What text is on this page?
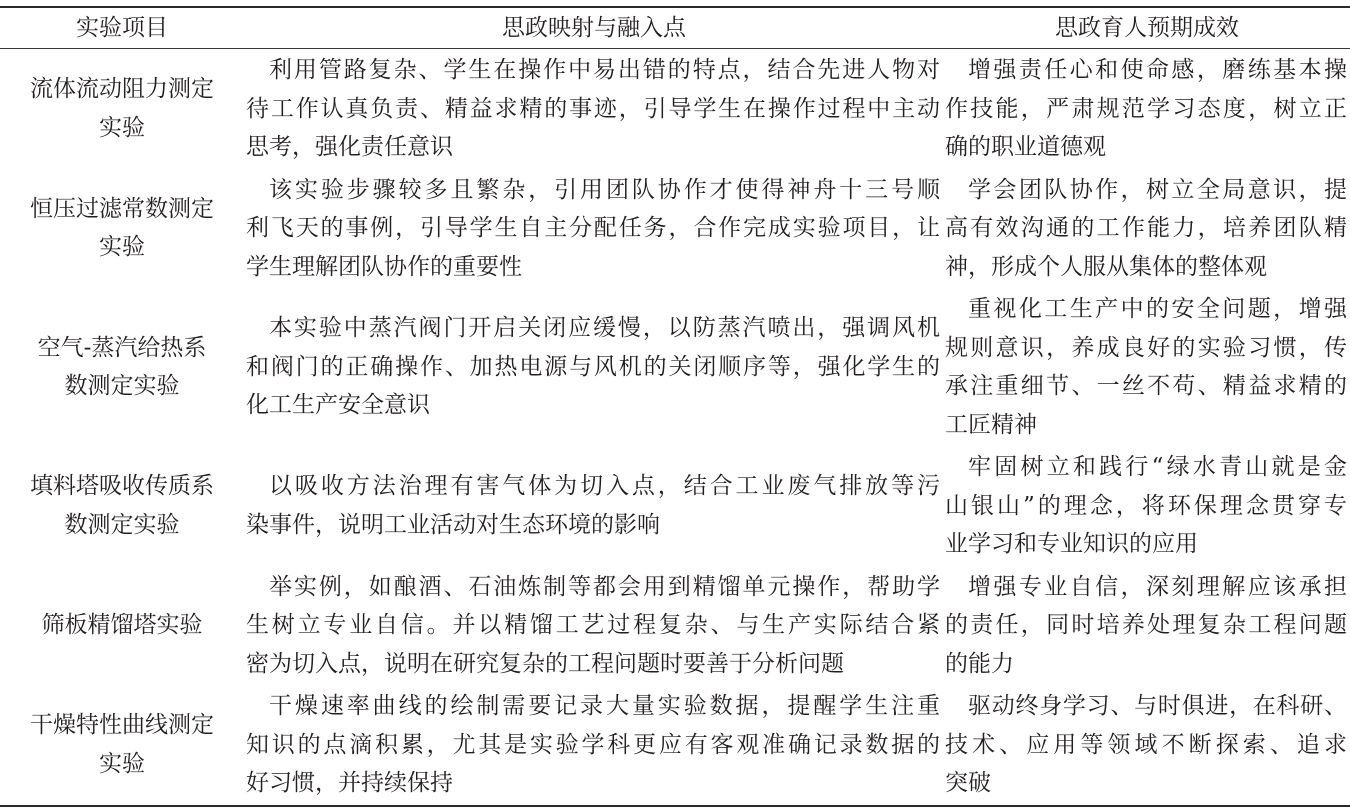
实验项目	思政映射与融入点	思政育人预期成效
流体流动阻力测定
实验
利用管路复杂、学生在操作中易出错的特点，结合先进人物对
待工作认真负责、精益求精的事迹，引导学生在操作过程中主动
思考，强化责任意识
增强责任心和使命感，磨练基本操
作技能，严肃规范学习态度，树立正
确的职业道德观
恒压过滤常数测定
实验
该实验步骤较多且繁杂，引用团队协作才使得神舟十三号顺
利飞天的事例，引导学生自主分配任务，合作完成实验项目，让
学生理解团队协作的重要性
学会团队协作，树立全局意识，提
高有效沟通的工作能力，培养团队精
神，形成个人服从集体的整体观
空气-蒸汽给热系
数测定实验
本实验中蒸汽阀门开启关闭应缓慢，以防蒸汽喷出，强调风机
和阀门的正确操作、加热电源与风机的关闭顺序等，强化学生的
化工生产安全意识
重视化工生产中的安全问题，增强
规则意识，养成良好的实验习惯，传
承注重细节、一丝不苟、精益求精的
工匠精神
填料塔吸收传质系
数测定实验
以吸收方法治理有害气体为切入点，结合工业废气排放等污
染事件，说明工业活动对生态环境的影响
牢固树立和践行“绿水青山就是金
山银山”的理念，将环保理念贯穿专
业学习和专业知识的应用
筛板精馏塔实验
举实例，如酿酒、石油炼制等都会用到精馏单元操作，帮助学
生树立专业自信。并以精馏工艺过程复杂、与生产实际结合紧
密为切入点，说明在研究复杂的工程问题时要善于分析问题
增强专业自信，深刻理解应该承担
的责任，同时培养处理复杂工程问题
的能力
干燥特性曲线测定
实验
干燥速率曲线的绘制需要记录大量实验数据，提醒学生注重
知识的点滴积累，尤其是实验学科更应有客观准确记录数据的
好习惯，并持续保持
驱动终身学习、与时俱进，在科研、
技术、应用等领域不断探索、追求
突破
